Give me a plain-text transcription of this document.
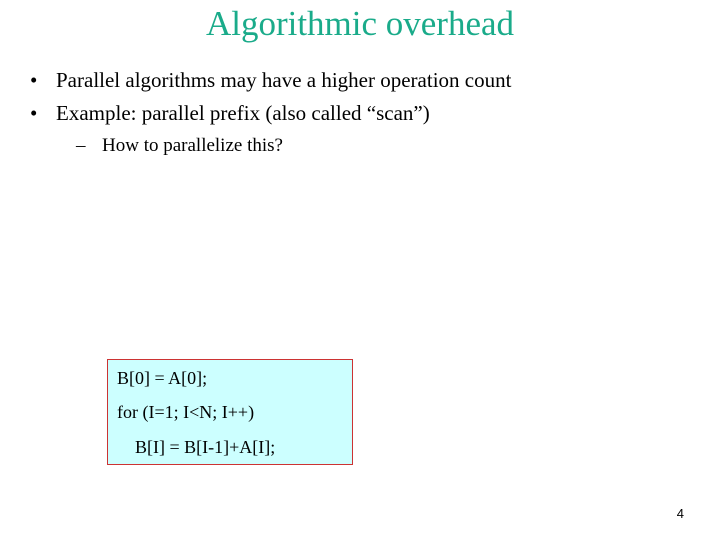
Algorithmic overhead
• Parallel algorithms may have a higher operation count
• Example: parallel prefix (also called “scan”)
– How to parallelize this?
B[0] = A[0];
for (I=1; I<N; I++)
B[I] = B[I-1]+A[I];
4
